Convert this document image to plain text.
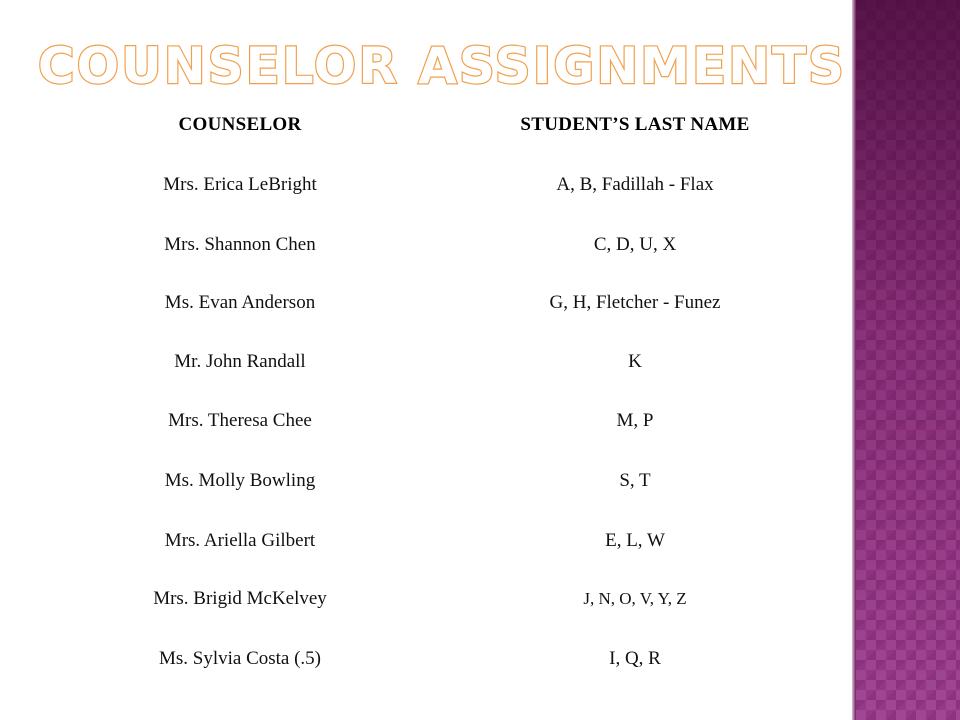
COUNSELOR ASSIGNMENTS
COUNSELOR	STUDENT’S LAST NAME
Mrs. Erica LeBright	A, B, Fadillah - Flax
Mrs. Shannon Chen	C, D, U, X
Ms. Evan Anderson	G, H, Fletcher - Funez
Mr. John Randall	K
Mrs. Theresa Chee	M, P
Ms. Molly Bowling	S, T
Mrs. Ariella Gilbert	E, L, W
Mrs. Brigid McKelvey	J, N, O, V, Y, Z
Ms. Sylvia Costa (.5)	I, Q, R
